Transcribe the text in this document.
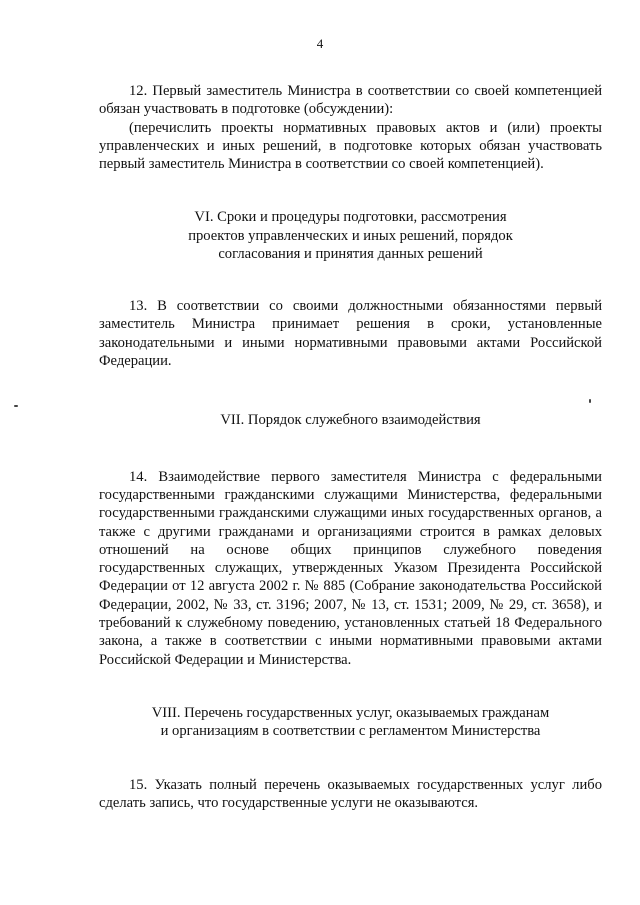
4

12. Первый заместитель Министра в соответствии со своей компетенцией обязан участвовать в подготовке (обсуждении):

(перечислить проекты нормативных правовых актов и (или) проекты управленческих и иных решений, в подготовке которых обязан участвовать первый заместитель Министра в соответствии со своей компетенцией).

VI. Сроки и процедуры подготовки, рассмотрения
проектов управленческих и иных решений, порядок
согласования и принятия данных решений

13. В соответствии со своими должностными обязанностями первый заместитель Министра принимает решения в сроки, установленные законодательными и иными нормативными правовыми актами Российской Федерации.

VII. Порядок служебного взаимодействия

14. Взаимодействие первого заместителя Министра с федеральными государственными гражданскими служащими Министерства, федеральными государственными гражданскими служащими иных государственных органов, а также с другими гражданами и организациями строится в рамках деловых отношений на основе общих принципов служебного поведения государственных служащих, утвержденных Указом Президента Российской Федерации от 12 августа 2002 г. № 885 (Собрание законодательства Российской Федерации, 2002, № 33, ст. 3196; 2007, № 13, ст. 1531; 2009, № 29, ст. 3658), и требований к служебному поведению, установленных статьей 18 Федерального закона, а также в соответствии с иными нормативными правовыми актами Российской Федерации и Министерства.

VIII. Перечень государственных услуг, оказываемых гражданам
и организациям в соответствии с регламентом Министерства

15. Указать полный перечень оказываемых государственных услуг либо сделать запись, что государственные услуги не оказываются.
